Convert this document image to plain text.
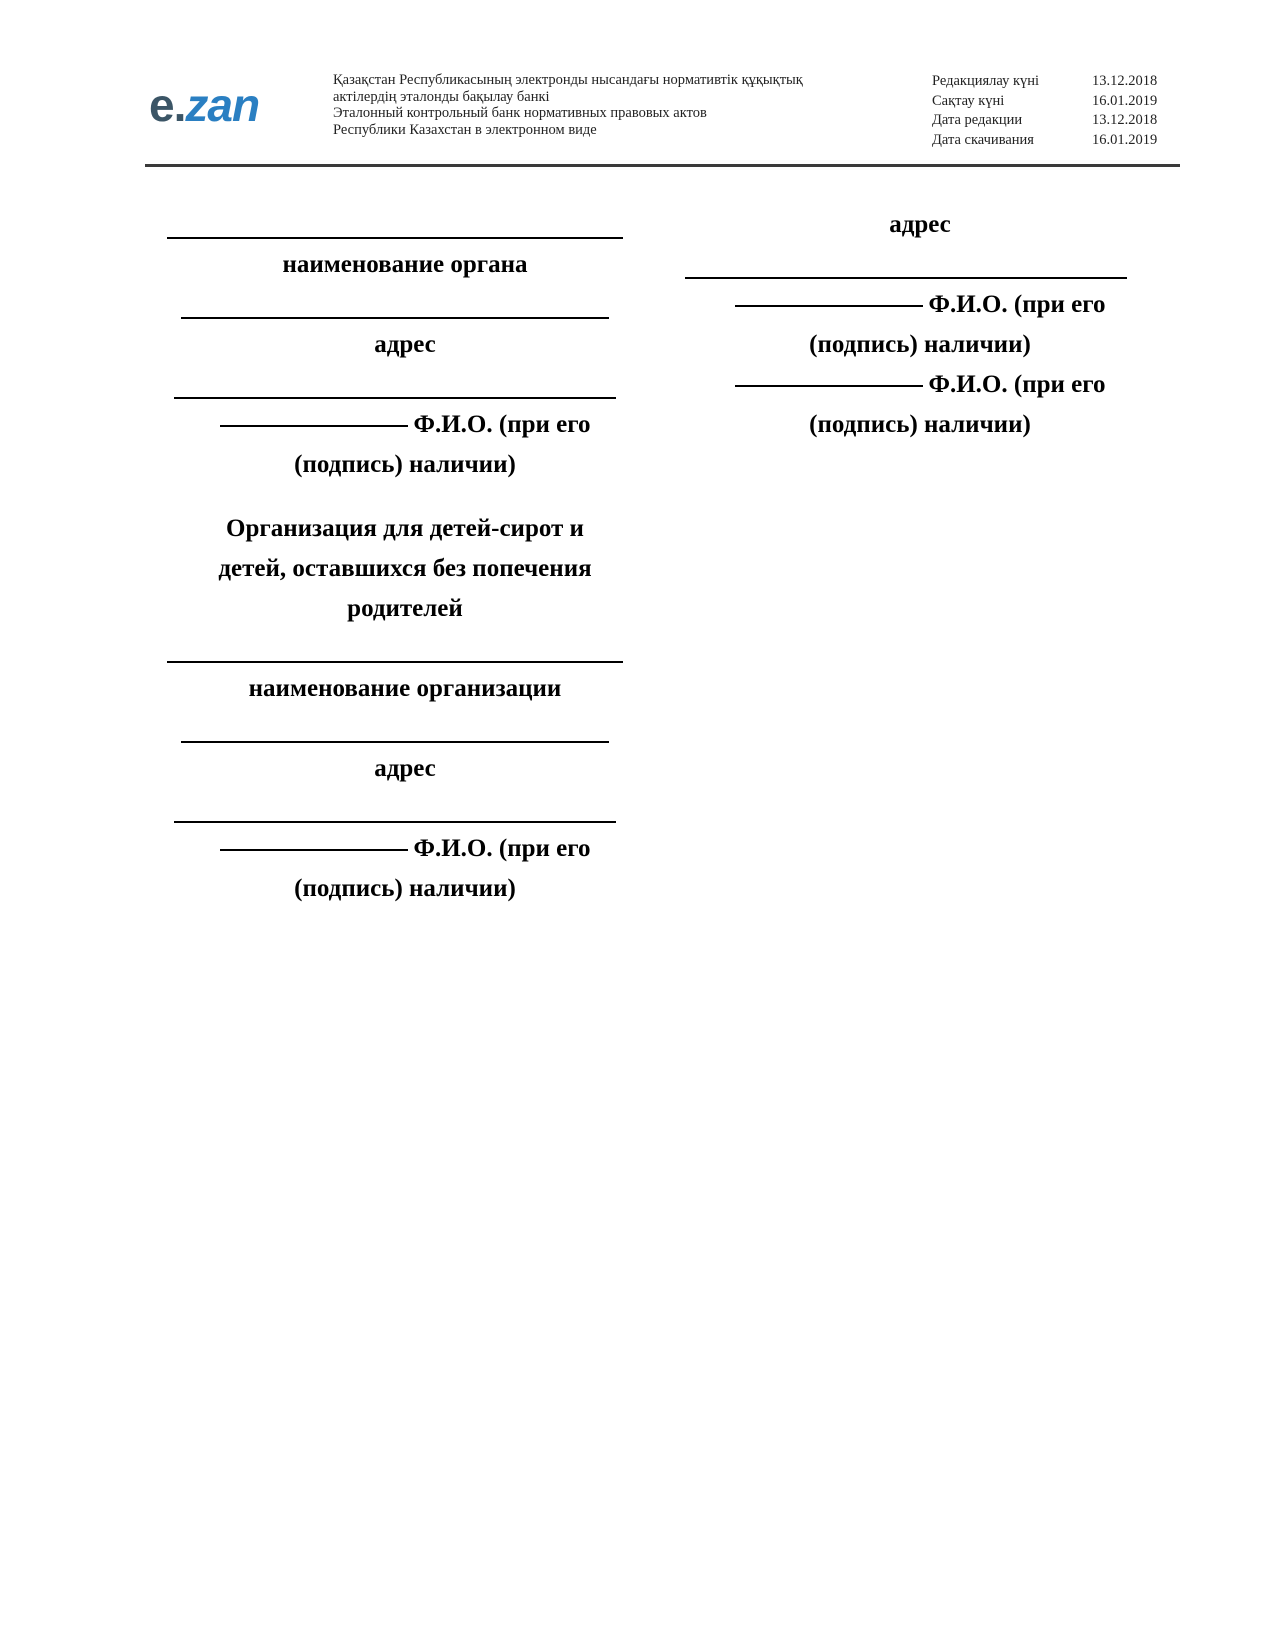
e.zan	Қазақстан Республикасының электронды нысандағы нормативтік құқықтық
актілердің эталонды бақылау банкі
Эталонный контрольный банк нормативных правовых актов
Республики Казахстан в электронном виде
Редакциялау күні	13.12.2018
Сақтау күні	16.01.2019
Дата редакции	13.12.2018
Дата скачивания	16.01.2019
наименование органа
адрес
Ф.И.О. (при его
(подпись) наличии)
Организация для детей-сирот и
детей, оставшихся без попечения
родителей
наименование организации
адрес
Ф.И.О. (при его
(подпись) наличии)
адрес
Ф.И.О. (при его
(подпись) наличии)
Ф.И.О. (при его
(подпись) наличии)
